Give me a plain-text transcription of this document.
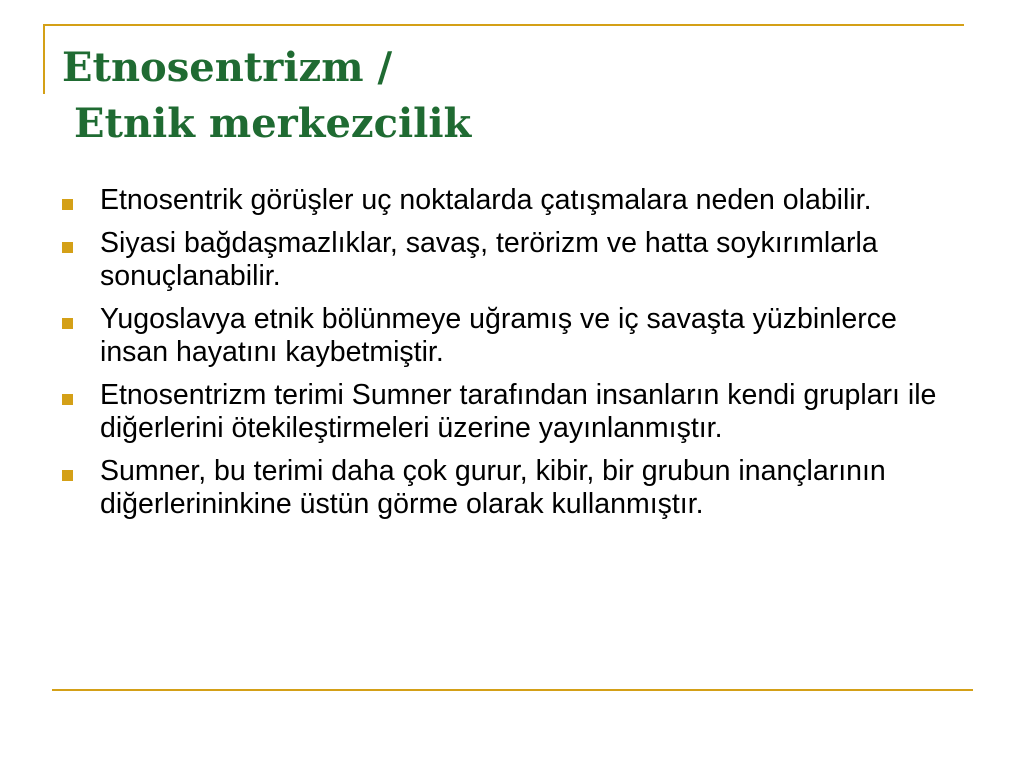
Etnosentrizm /
Etnik merkezcilik
Etnosentrik görüşler uç noktalarda çatışmalara neden olabilir.
Siyasi bağdaşmazlıklar, savaş, terörizm ve hatta soykırımlarla sonuçlanabilir.
Yugoslavya etnik bölünmeye uğramış ve iç savaşta yüzbinlerce insan hayatını kaybetmiştir.
Etnosentrizm terimi Sumner tarafından insanların kendi grupları ile diğerlerini ötekileştirmeleri üzerine yayınlanmıştır.
Sumner, bu terimi daha çok gurur, kibir, bir grubun inançlarının diğerlerininkine üstün görme olarak kullanmıştır.
